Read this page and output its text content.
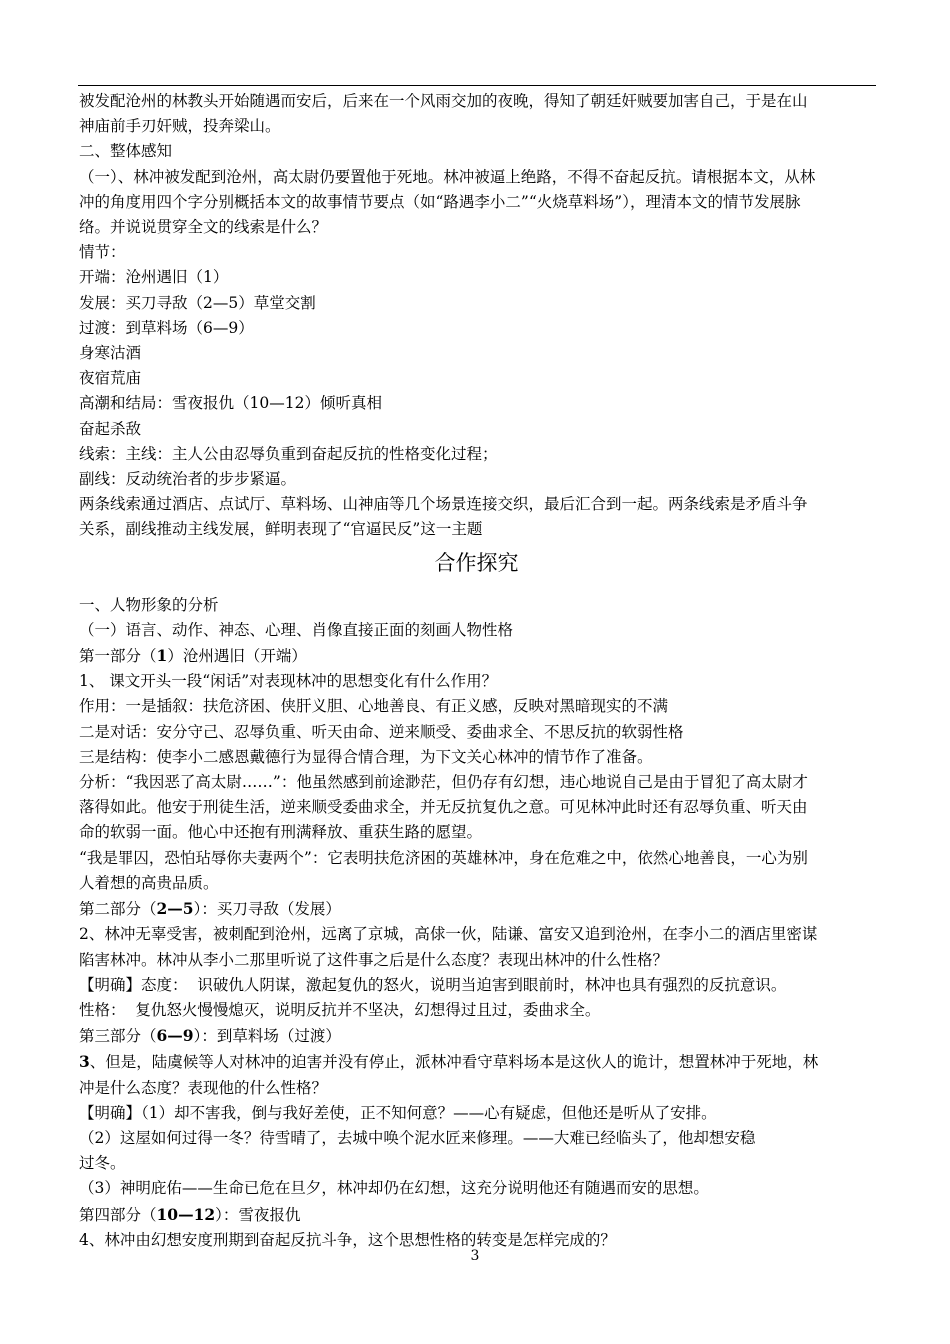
被发配沧州的林教头开始随遇而安后，后来在一个风雨交加的夜晚，得知了朝廷奸贼要加害自己，于是在山

神庙前手刃奸贼，投奔梁山。

二、整体感知

（一）、林冲被发配到沧州，高太尉仍要置他于死地。林冲被逼上绝路，不得不奋起反抗。请根据本文，从林

冲的角度用四个字分别概括本文的故事情节要点（如“路遇李小二”“火烧草料场”），理清本文的情节发展脉

络。并说说贯穿全文的线索是什么？

情节：

开端：沧州遇旧（1）

发展：买刀寻敌（2—5）草堂交割

过渡：到草料场（6—9）

身寒沽酒

夜宿荒庙

高潮和结局：雪夜报仇（10—12）倾听真相

奋起杀敌

线索：主线：主人公由忍辱负重到奋起反抗的性格变化过程；

副线：反动统治者的步步紧逼。

两条线索通过酒店、点试厅、草料场、山神庙等几个场景连接交织，最后汇合到一起。两条线索是矛盾斗争

关系，副线推动主线发展，鲜明表现了“官逼民反”这一主题

合作探究

一、人物形象的分析

（一）语言、动作、神态、心理、肖像直接正面的刻画人物性格

第一部分（1）沧州遇旧（开端）

1、 课文开头一段“闲话”对表现林冲的思想变化有什么作用？

作用：一是插叙：扶危济困、侠肝义胆、心地善良、有正义感，反映对黑暗现实的不满

二是对话：安分守己、忍辱负重、听天由命、逆来顺受、委曲求全、不思反抗的软弱性格

三是结构：使李小二感恩戴德行为显得合情合理，为下文关心林冲的情节作了准备。

分析：“我因恶了高太尉……”：他虽然感到前途渺茫，但仍存有幻想，违心地说自己是由于冒犯了高太尉才

落得如此。他安于刑徒生活，逆来顺受委曲求全，并无反抗复仇之意。可见林冲此时还有忍辱负重、听天由

命的软弱一面。他心中还抱有刑满释放、重获生路的愿望。

“我是罪囚，恐怕玷辱你夫妻两个”：它表明扶危济困的英雄林冲，身在危难之中，依然心地善良，一心为别

人着想的高贵品质。

第二部分（2—5）：买刀寻敌（发展）

2、林冲无辜受害，被刺配到沧州，远离了京城，高俅一伙，陆谦、富安又追到沧州，在李小二的酒店里密谋

陷害林冲。林冲从李小二那里听说了这件事之后是什么态度？表现出林冲的什么性格？

【明确】态度：  识破仇人阴谋，激起复仇的怒火，说明当迫害到眼前时，林冲也具有强烈的反抗意识。

性格：  复仇怒火慢慢熄灭，说明反抗并不坚决，幻想得过且过，委曲求全。

第三部分（6—9）：到草料场（过渡）

3、但是，陆虞候等人对林冲的迫害并没有停止，派林冲看守草料场本是这伙人的诡计，想置林冲于死地，林

冲是什么态度？表现他的什么性格？

【明确】（1）却不害我，倒与我好差使，正不知何意？——心有疑虑，但他还是听从了安排。

（2）这屋如何过得一冬？待雪晴了，去城中唤个泥水匠来修理。——大难已经临头了，他却想安稳

过冬。

（3）神明庇佑——生命已危在旦夕，林冲却仍在幻想，这充分说明他还有随遇而安的思想。

第四部分（10—12）：雪夜报仇

4、林冲由幻想安度刑期到奋起反抗斗争，这个思想性格的转变是怎样完成的？

3
